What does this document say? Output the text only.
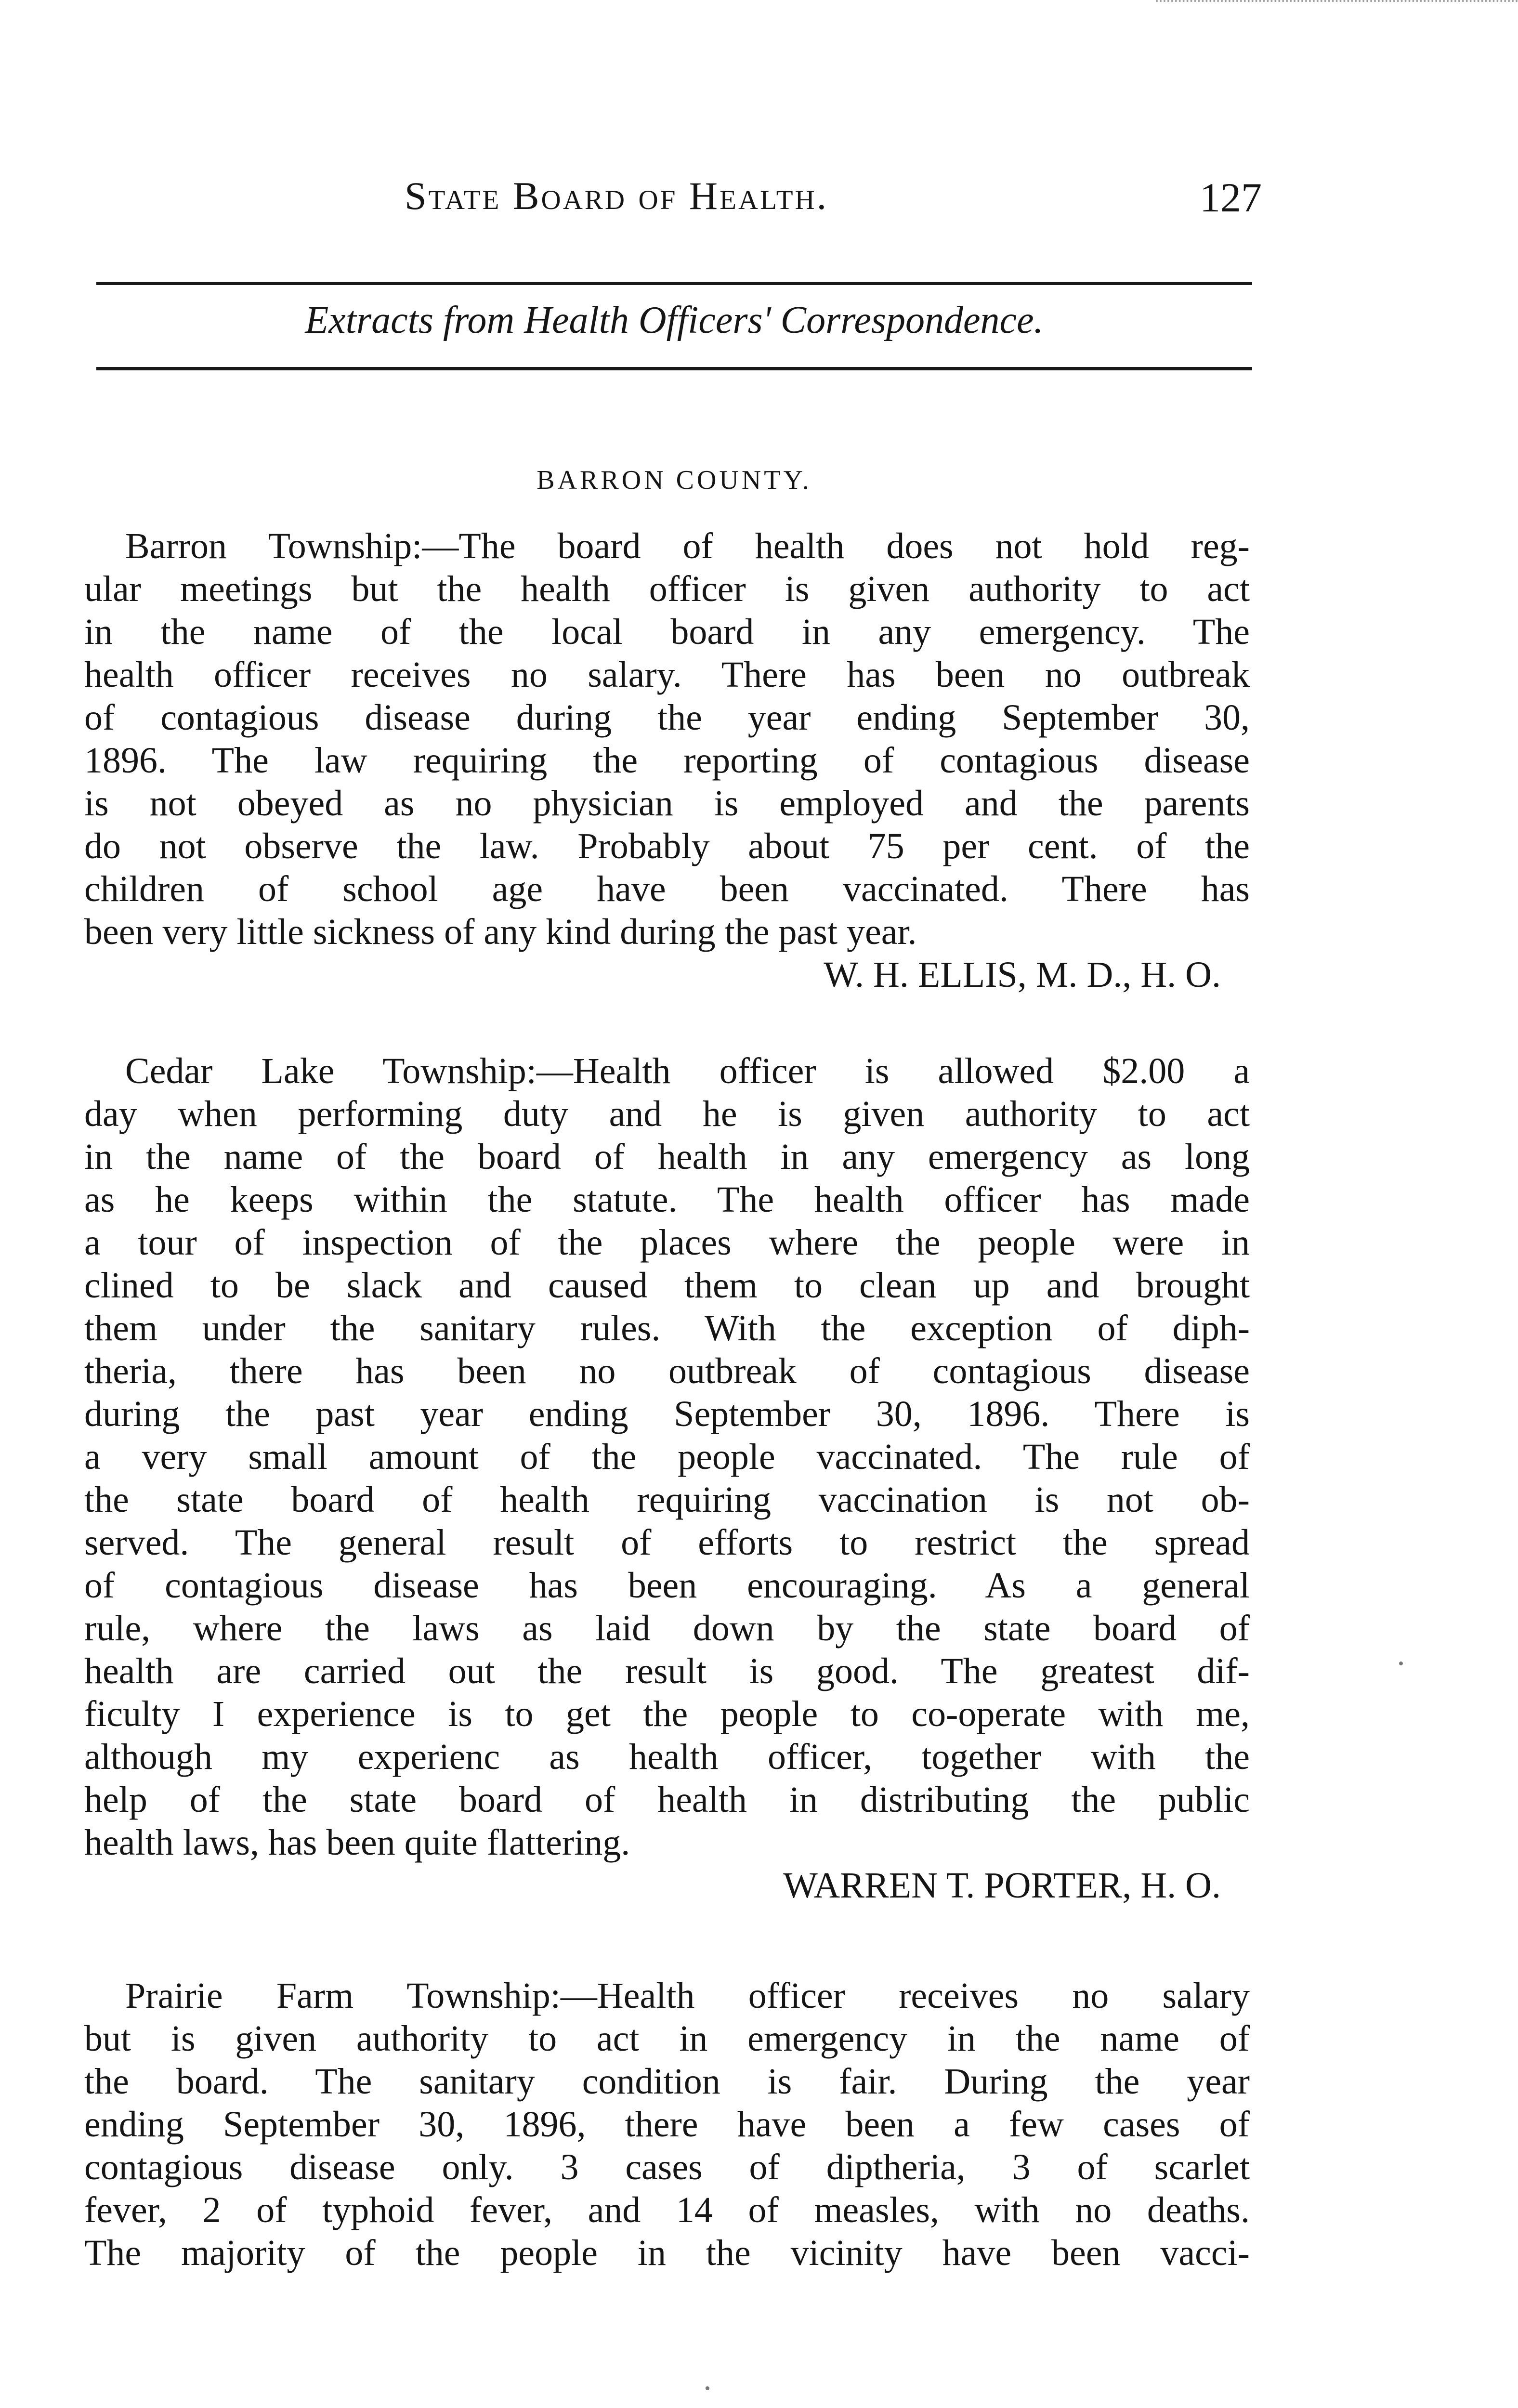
State Board of Health.	127
Extracts from Health Officers' Correspondence.
BARRON COUNTY.
Barron Township:—The board of health does not hold reg-
ular meetings but the health officer is given authority to act
in the name of the local board in any emergency. The
health officer receives no salary. There has been no outbreak
of contagious disease during the year ending September 30,
1896. The law requiring the reporting of contagious disease
is not obeyed as no physician is employed and the parents
do not observe the law. Probably about 75 per cent. of the
children of school age have been vaccinated. There has
been very little sickness of any kind during the past year.
W. H. ELLIS, M. D., H. O.
Cedar Lake Township:—Health officer is allowed $2.00 a
day when performing duty and he is given authority to act
in the name of the board of health in any emergency as long
as he keeps within the statute. The health officer has made
a tour of inspection of the places where the people were in
clined to be slack and caused them to clean up and brought
them under the sanitary rules. With the exception of diph-
theria, there has been no outbreak of contagious disease
during the past year ending September 30, 1896. There is
a very small amount of the people vaccinated. The rule of
the state board of health requiring vaccination is not ob-
served. The general result of efforts to restrict the spread
of contagious disease has been encouraging. As a general
rule, where the laws as laid down by the state board of
health are carried out the result is good. The greatest dif-
ficulty I experience is to get the people to co-operate with me,
although my experienc as health officer, together with the
help of the state board of health in distributing the public
health laws, has been quite flattering.
WARREN T. PORTER, H. O.
Prairie Farm Township:—Health officer receives no salary
but is given authority to act in emergency in the name of
the board. The sanitary condition is fair. During the year
ending September 30, 1896, there have been a few cases of
contagious disease only. 3 cases of diptheria, 3 of scarlet
fever, 2 of typhoid fever, and 14 of measles, with no deaths.
The majority of the people in the vicinity have been vacci-
